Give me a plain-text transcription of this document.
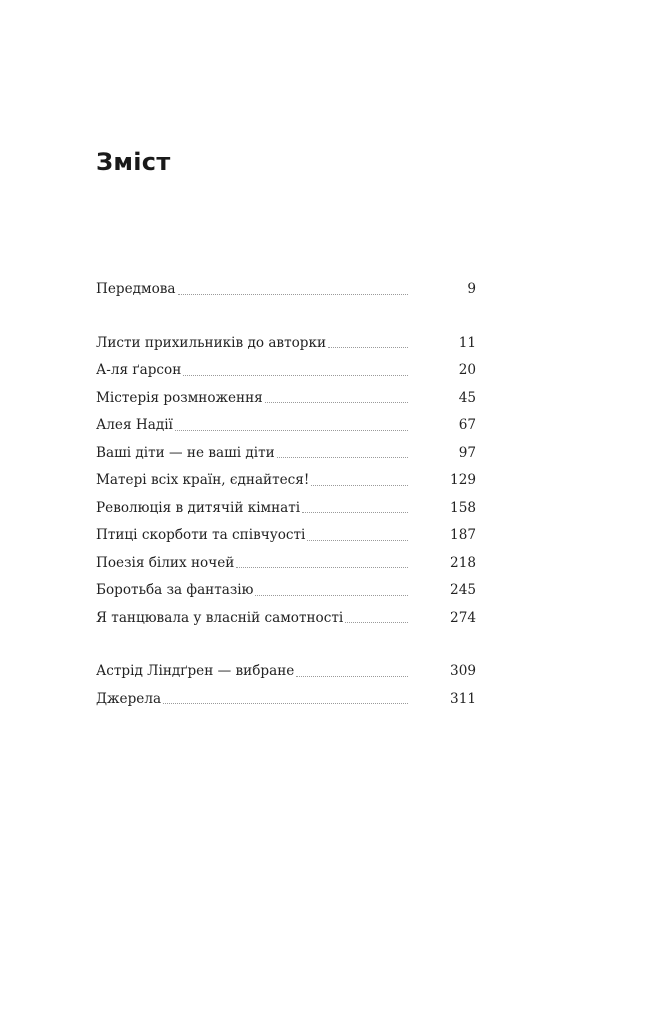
Зміст
Передмова	9
Листи прихильників до авторки	11
А-ля ґарсон	20
Містерія розмноження	45
Алея Надії	67
Ваші діти — не ваші діти	97
Матері всіх країн, єднайтеся!	129
Революція в дитячій кімнаті	158
Птиці скорботи та співчуості	187
Поезія білих ночей	218
Боротьба за фантазію	245
Я танцювала у власній самотності	274
Астрід Ліндґрен — вибране	309
Джерела	311
